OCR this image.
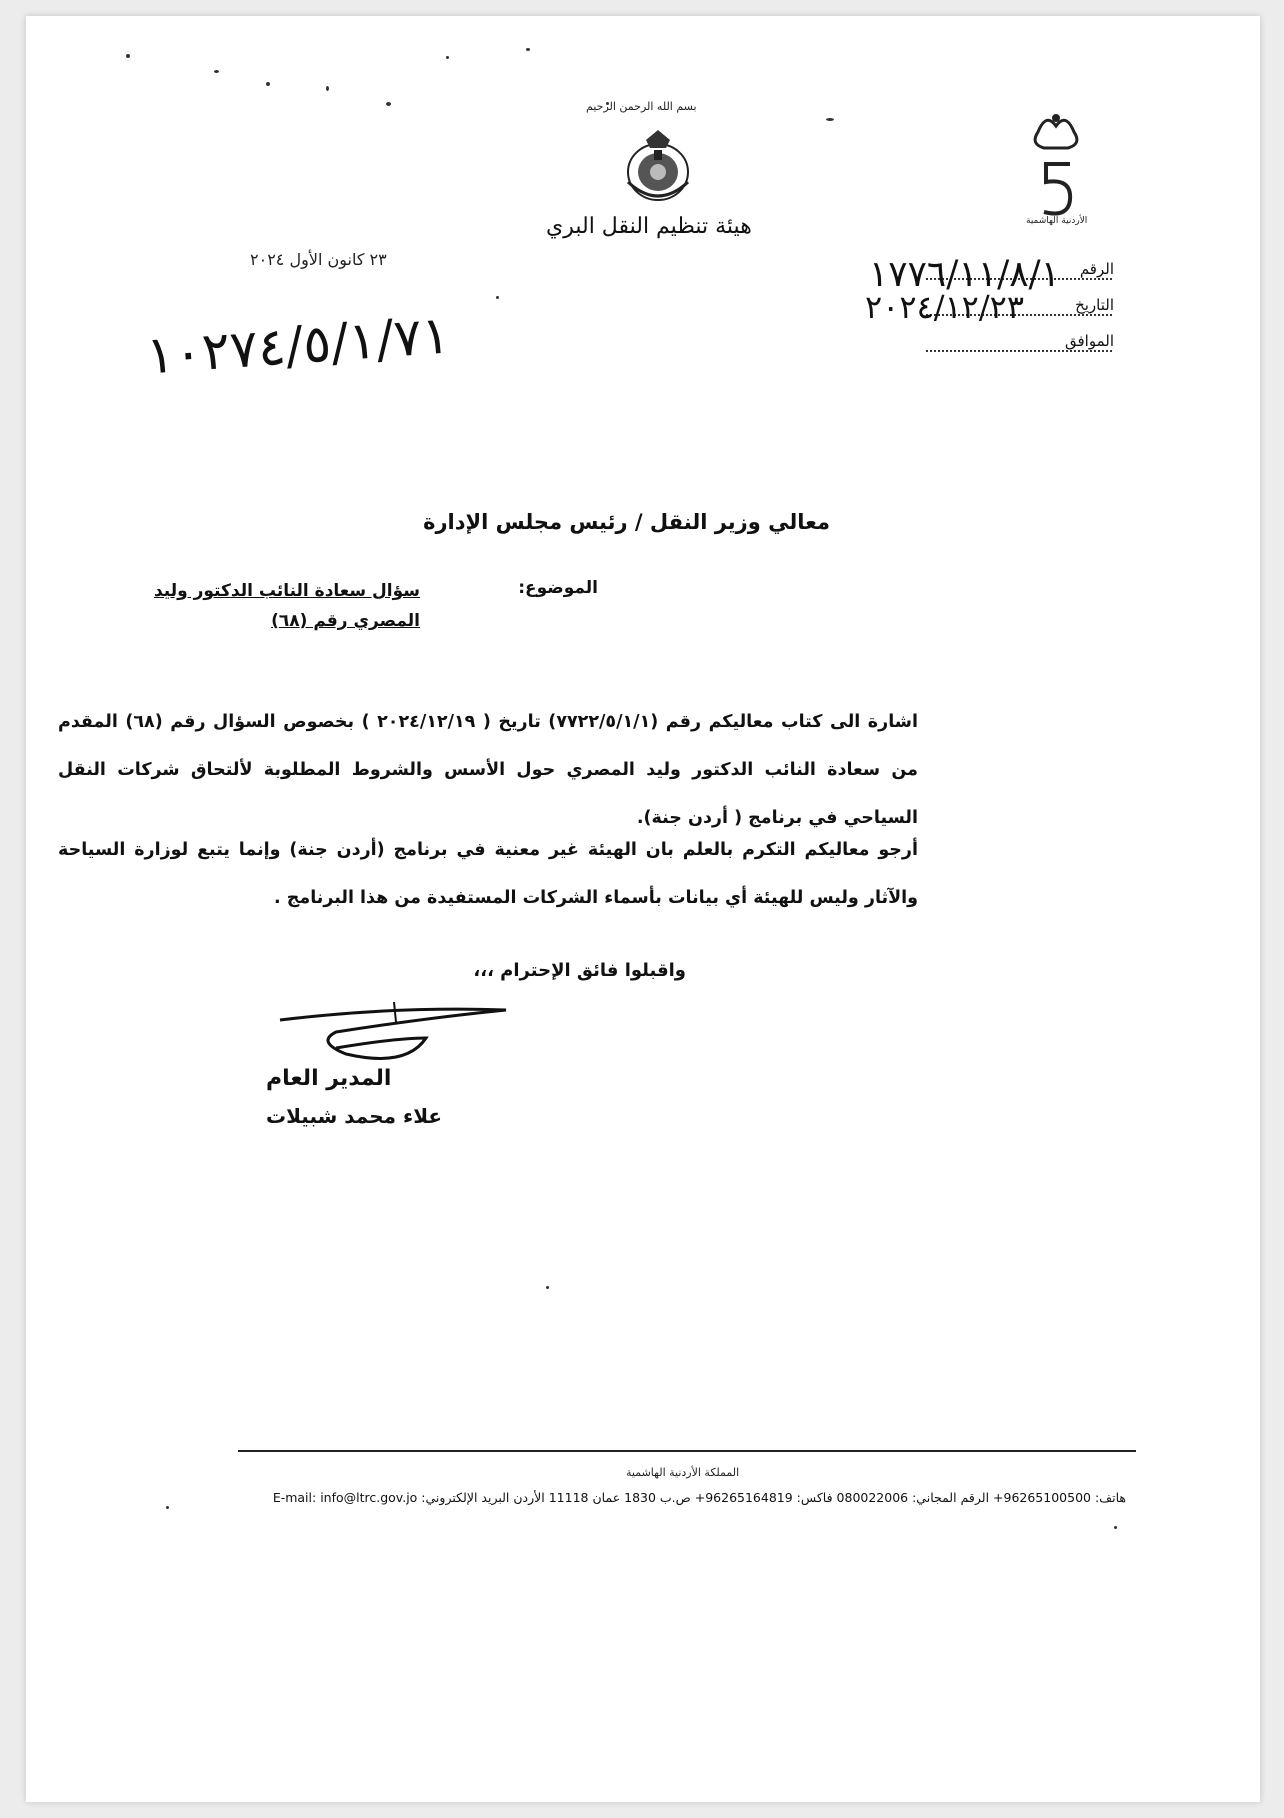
بسم الله الرحمن الرحيم
هيئة تنظيم النقل البري	الأردنية الهاشمية
الرقم
١٧٧٦/١١/٨/١
التاريخ
٢٠٢٤/١٢/٢٣
الموافق
٢٣ كانون الأول ٢٠٢٤
١٠٢٧٤/٥/١/٧١
معالي وزير النقل / رئيس مجلس الإدارة
الموضوع:
سؤال سعادة النائب الدكتور وليد المصري رقم (٦٨)
اشارة الى كتاب معاليكم رقم (٧٧٢٢/٥/١/١) تاريخ ( ٢٠٢٤/١٢/١٩ ) بخصوص السؤال رقم (٦٨) المقدم من سعادة النائب الدكتور وليد المصري حول الأسس والشروط المطلوبة لألتحاق شركات النقل السياحي في برنامج ( أردن جنة).
أرجو معاليكم التكرم بالعلم بان الهيئة غير معنية في برنامج (أردن جنة) وإنما يتبع لوزارة السياحة والآثار وليس للهيئة أي بيانات بأسماء الشركات المستفيدة من هذا البرنامج .
واقبلوا فائق الإحترام ،،،
المدير العام
علاء محمد شبيلات
المملكة الأردنية الهاشمية
هاتف: 96265100500+ الرقم المجاني: 080022006 فاكس: 96265164819+ ص.ب 1830 عمان 11118 الأردن البريد الإلكتروني: E-mail: info@ltrc.gov.jo
